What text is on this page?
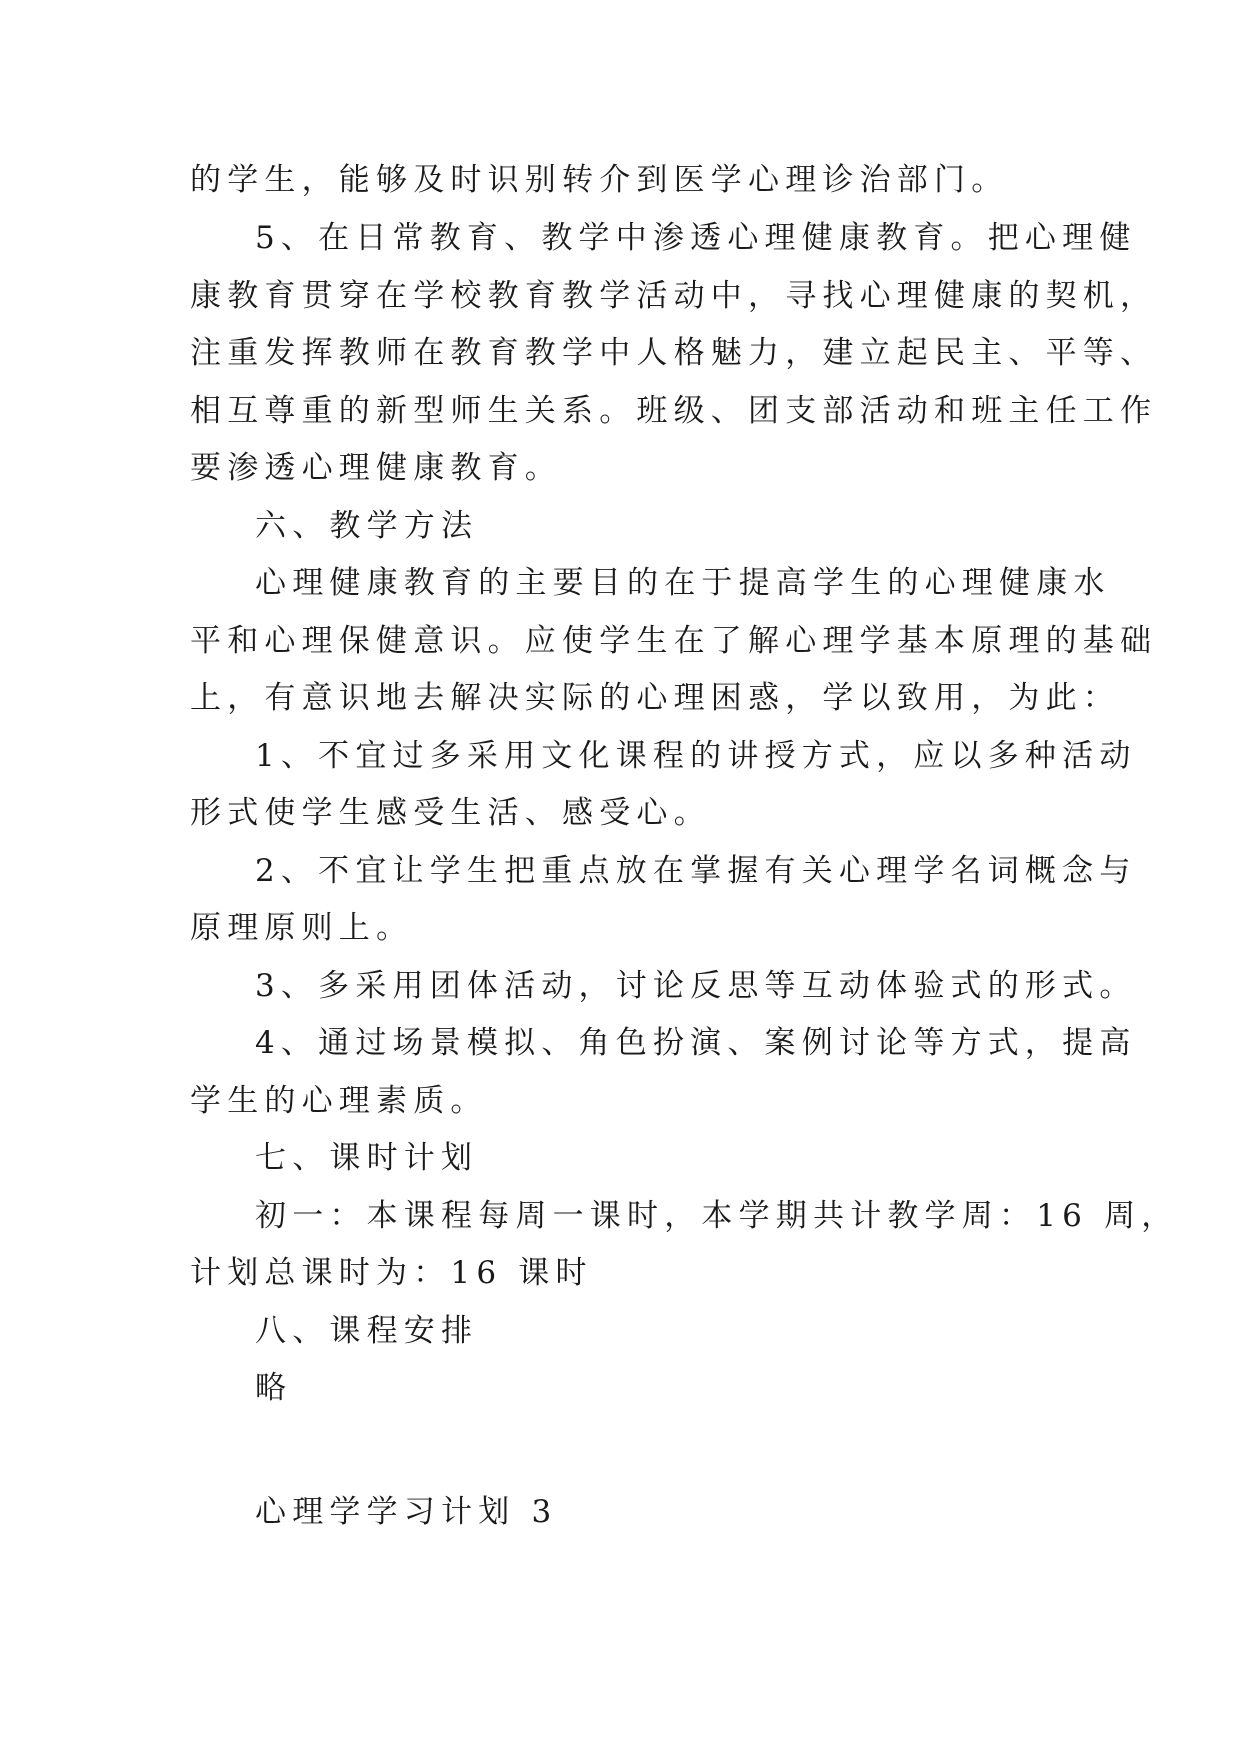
的学生，能够及时识别转介到医学心理诊治部门。
5、在日常教育、教学中渗透心理健康教育。把心理健
康教育贯穿在学校教育教学活动中，寻找心理健康的契机，
注重发挥教师在教育教学中人格魅力，建立起民主、平等、
相互尊重的新型师生关系。班级、团支部活动和班主任工作
要渗透心理健康教育。
六、教学方法
心理健康教育的主要目的在于提高学生的心理健康水
平和心理保健意识。应使学生在了解心理学基本原理的基础
上，有意识地去解决实际的心理困惑，学以致用，为此：
1、不宜过多采用文化课程的讲授方式，应以多种活动
形式使学生感受生活、感受心。
2、不宜让学生把重点放在掌握有关心理学名词概念与
原理原则上。
3、多采用团体活动，讨论反思等互动体验式的形式。
4、通过场景模拟、角色扮演、案例讨论等方式，提高
学生的心理素质。
七、课时计划
初一：本课程每周一课时，本学期共计教学周：16 周，
计划总课时为：16 课时
八、课程安排
略
心理学学习计划 3
